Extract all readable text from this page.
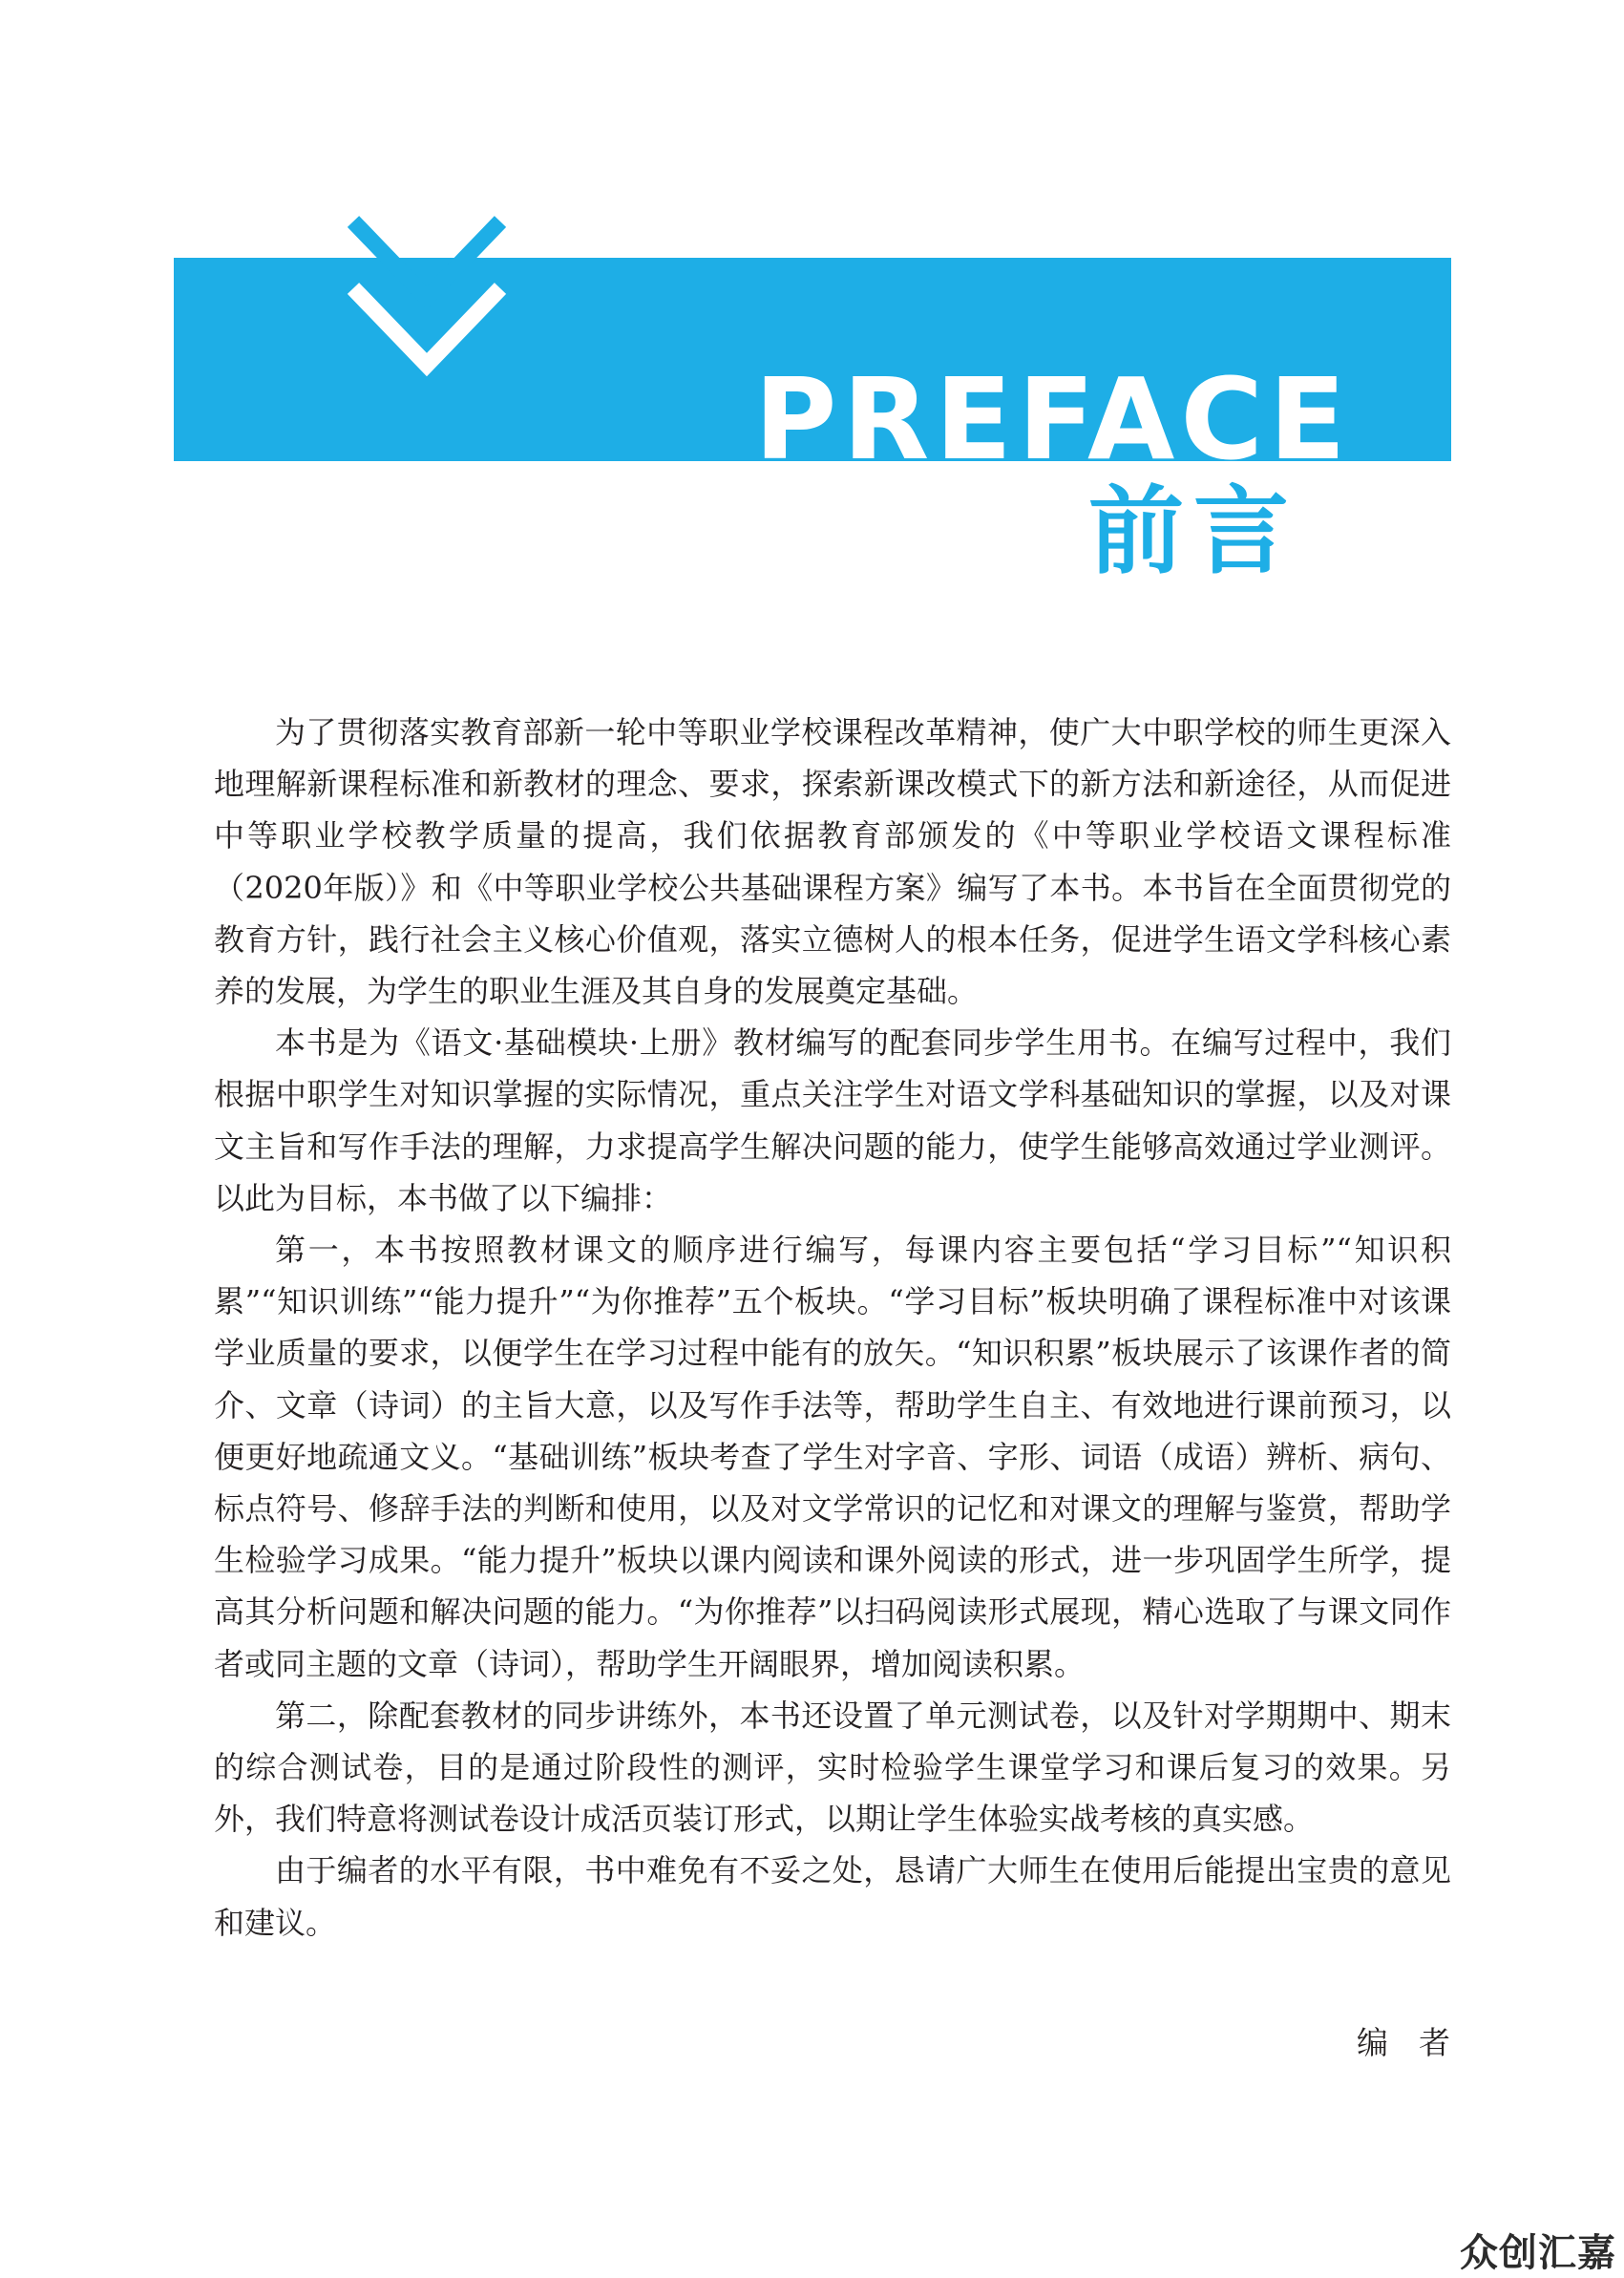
PREFACE
前言

为了贯彻落实教育部新一轮中等职业学校课程改革精神，使广大中职学校的师生更深入地理解新课程标准和新教材的理念、要求，探索新课改模式下的新方法和新途径，从而促进中等职业学校教学质量的提高，我们依据教育部颁发的《中等职业学校语文课程标准（2020年版）》和《中等职业学校公共基础课程方案》编写了本书。本书旨在全面贯彻党的教育方针，践行社会主义核心价值观，落实立德树人的根本任务，促进学生语文学科核心素养的发展，为学生的职业生涯及其自身的发展奠定基础。

本书是为《语文·基础模块·上册》教材编写的配套同步学生用书。在编写过程中，我们根据中职学生对知识掌握的实际情况，重点关注学生对语文学科基础知识的掌握，以及对课文主旨和写作手法的理解，力求提高学生解决问题的能力，使学生能够高效通过学业测评。以此为目标，本书做了以下编排：

第一，本书按照教材课文的顺序进行编写，每课内容主要包括“学习目标”“知识积累”“知识训练”“能力提升”“为你推荐”五个板块。“学习目标”板块明确了课程标准中对该课学业质量的要求，以便学生在学习过程中能有的放矢。“知识积累”板块展示了该课作者的简介、文章（诗词）的主旨大意，以及写作手法等，帮助学生自主、有效地进行课前预习，以便更好地疏通文义。“基础训练”板块考查了学生对字音、字形、词语（成语）辨析、病句、标点符号、修辞手法的判断和使用，以及对文学常识的记忆和对课文的理解与鉴赏，帮助学生检验学习成果。“能力提升”板块以课内阅读和课外阅读的形式，进一步巩固学生所学，提高其分析问题和解决问题的能力。“为你推荐”以扫码阅读形式展现，精心选取了与课文同作者或同主题的文章（诗词），帮助学生开阔眼界，增加阅读积累。

第二，除配套教材的同步讲练外，本书还设置了单元测试卷，以及针对学期期中、期末的综合测试卷，目的是通过阶段性的测评，实时检验学生课堂学习和课后复习的效果。另外，我们特意将测试卷设计成活页装订形式，以期让学生体验实战考核的真实感。

由于编者的水平有限，书中难免有不妥之处，恳请广大师生在使用后能提出宝贵的意见和建议。

编者
众创汇嘉
